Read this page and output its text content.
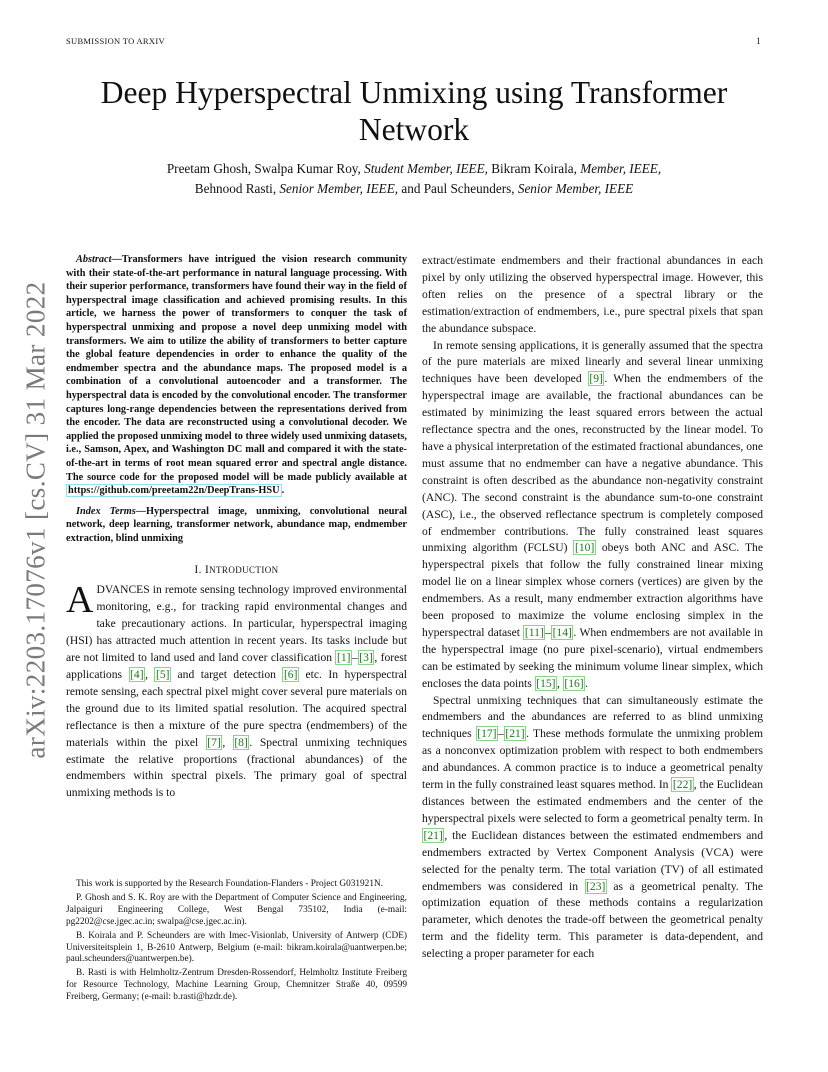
SUBMISSION TO ARXIV	1
arXiv:2203.17076v1 [cs.CV] 31 Mar 2022
Deep Hyperspectral Unmixing using Transformer Network

Preetam Ghosh, Swalpa Kumar Roy, Student Member, IEEE, Bikram Koirala, Member, IEEE,

Behnood Rasti, Senior Member, IEEE, and Paul Scheunders, Senior Member, IEEE

Abstract—Transformers have intrigued the vision research community with their state-of-the-art performance in natural language processing. With their superior performance, transformers have found their way in the field of hyperspectral image classification and achieved promising results. In this article, we harness the power of transformers to conquer the task of hyperspectral unmixing and propose a novel deep unmixing model with transformers. We aim to utilize the ability of transformers to better capture the global feature dependencies in order to enhance the quality of the endmember spectra and the abundance maps. The proposed model is a combination of a convolutional autoencoder and a transformer. The hyperspectral data is encoded by the convolutional encoder. The transformer captures long-range dependencies between the representations derived from the encoder. The data are reconstructed using a convolutional decoder. We applied the proposed unmixing model to three widely used unmixing datasets, i.e., Samson, Apex, and Washington DC mall and compared it with the state-of-the-art in terms of root mean squared error and spectral angle distance. The source code for the proposed model will be made publicly available at https://github.com/preetam22n/DeepTrans-HSU .

Index Terms—Hyperspectral image, unmixing, convolutional neural network, deep learning, transformer network, abundance map, endmember extraction, blind unmixing

I. INTRODUCTION

ADVANCES in remote sensing technology improved environmental monitoring, e.g., for tracking rapid environmental changes and take precautionary actions. In particular, hyperspectral imaging (HSI) has attracted much attention in recent years. Its tasks include but are not limited to land used and land cover classification [1] – [3] , forest applications [4] , [5] and target detection [6] etc. In hyperspectral remote sensing, each spectral pixel might cover several pure materials on the ground due to its limited spatial resolution. The acquired spectral reflectance is then a mixture of the pure spectra (endmembers) of the materials within the pixel [7] , [8] . Spectral unmixing techniques estimate the relative proportions (fractional abundances) of the endmembers within spectral pixels. The primary goal of spectral unmixing methods is to

This work is supported by the Research Foundation-Flanders - Project G031921N.

P. Ghosh and S. K. Roy are with the Department of Computer Science and Engineering, Jalpaiguri Engineering College, West Bengal 735102, India (e-mail: pg2202@cse.jgec.ac.in; swalpa@cse.jgec.ac.in).

B. Koirala and P. Scheunders are with Imec-Visionlab, University of Antwerp (CDE) Universiteitsplein 1, B-2610 Antwerp, Belgium (e-mail: bikram.koirala@uantwerpen.be; paul.scheunders@uantwerpen.be).

B. Rasti is with Helmholtz-Zentrum Dresden-Rossendorf, Helmholtz Institute Freiberg for Resource Technology, Machine Learning Group, Chemnitzer Straße 40, 09599 Freiberg, Germany; (e-mail: b.rasti@hzdr.de).

extract/estimate endmembers and their fractional abundances in each pixel by only utilizing the observed hyperspectral image. However, this often relies on the presence of a spectral library or the estimation/extraction of endmembers, i.e., pure spectral pixels that span the abundance subspace.

In remote sensing applications, it is generally assumed that the spectra of the pure materials are mixed linearly and several linear unmixing techniques have been developed [9] . When the endmembers of the hyperspectral image are available, the fractional abundances can be estimated by minimizing the least squared errors between the actual reflectance spectra and the ones, reconstructed by the linear model. To have a physical interpretation of the estimated fractional abundances, one must assume that no endmember can have a negative abundance. This constraint is often described as the abundance non-negativity constraint (ANC). The second constraint is the abundance sum-to-one constraint (ASC), i.e., the observed reflectance spectrum is completely composed of endmember contributions. The fully constrained least squares unmixing algorithm (FCLSU) [10] obeys both ANC and ASC. The hyperspectral pixels that follow the fully constrained linear mixing model lie on a linear simplex whose corners (vertices) are given by the endmembers. As a result, many endmember extraction algorithms have been proposed to maximize the volume enclosing simplex in the hyperspectral dataset [11] – [14] . When endmembers are not available in the hyperspectral image (no pure pixel-scenario), virtual endmembers can be estimated by seeking the minimum volume linear simplex, which encloses the data points [15] , [16] .

Spectral unmixing techniques that can simultaneously estimate the endmembers and the abundances are referred to as blind unmixing techniques [17] – [21] . These methods formulate the unmixing problem as a nonconvex optimization problem with respect to both endmembers and abundances. A common practice is to induce a geometrical penalty term in the fully constrained least squares method. In [22] , the Euclidean distances between the estimated endmembers and the center of the hyperspectral pixels were selected to form a geometrical penalty term. In [21] , the Euclidean distances between the estimated endmembers and endmembers extracted by Vertex Component Analysis (VCA) were selected for the penalty term. The total variation (TV) of all estimated endmembers was considered in [23] as a geometrical penalty. The optimization equation of these methods contains a regularization parameter, which denotes the trade-off between the geometrical penalty term and the fidelity term. This parameter is data-dependent, and selecting a proper parameter for each
